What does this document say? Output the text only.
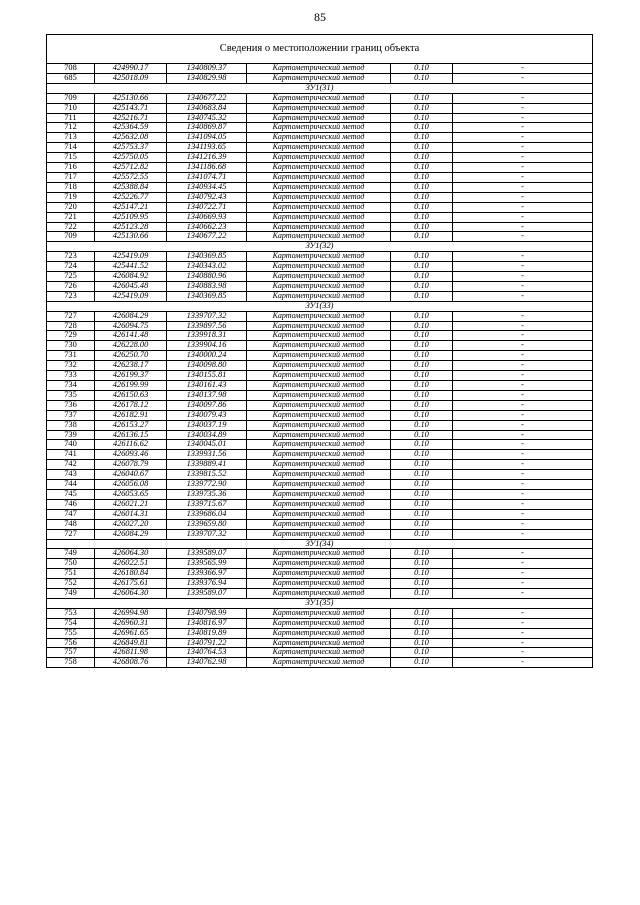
85
Сведения о местоположении границ объекта					
708	424990.17	1340809.37	Картометрический метод	0.10	-
685	425018.09	1340829.98	Картометрический метод	0.10	-
ЗУ1(31)					
709	425130.66	1340677.22	Картометрический метод	0.10	-
710	425143.71	1340683.84	Картометрический метод	0.10	-
711	425216.71	1340745.32	Картометрический метод	0.10	-
712	425364.59	1340869.87	Картометрический метод	0.10	-
713	425632.08	1341094.05	Картометрический метод	0.10	-
714	425753.37	1341193.65	Картометрический метод	0.10	-
715	425750.05	1341216.39	Картометрический метод	0.10	-
716	425712.82	1341186.68	Картометрический метод	0.10	-
717	425572.55	1341074.71	Картометрический метод	0.10	-
718	425388.84	1340934.45	Картометрический метод	0.10	-
719	425226.77	1340792.43	Картометрический метод	0.10	-
720	425147.21	1340722.71	Картометрический метод	0.10	-
721	425109.95	1340669.93	Картометрический метод	0.10	-
722	425123.28	1340662.23	Картометрический метод	0.10	-
709	425130.66	1340677.22	Картометрический метод	0.10	-
ЗУ1(32)					
723	425419.09	1340369.85	Картометрический метод	0.10	-
724	425441.52	1340343.02	Картометрический метод	0.10	-
725	426084.92	1340880.96	Картометрический метод	0.10	-
726	426045.48	1340883.98	Картометрический метод	0.10	-
723	425419.09	1340369.85	Картометрический метод	0.10	-
ЗУ1(33)					
727	426084.29	1339707.32	Картометрический метод	0.10	-
728	426094.75	1339897.56	Картометрический метод	0.10	-
729	426141.48	1339918.31	Картометрический метод	0.10	-
730	426228.00	1339904.16	Картометрический метод	0.10	-
731	426250.70	1340000.24	Картометрический метод	0.10	-
732	426238.17	1340098.80	Картометрический метод	0.10	-
733	426199.37	1340155.81	Картометрический метод	0.10	-
734	426199.99	1340161.43	Картометрический метод	0.10	-
735	426150.63	1340137.98	Картометрический метод	0.10	-
736	426178.12	1340097.86	Картометрический метод	0.10	-
737	426182.91	1340079.43	Картометрический метод	0.10	-
738	426153.27	1340037.19	Картометрический метод	0.10	-
739	426136.15	1340034.89	Картометрический метод	0.10	-
740	426116.62	1340045.01	Картометрический метод	0.10	-
741	426093.46	1339931.56	Картометрический метод	0.10	-
742	426078.79	1339889.41	Картометрический метод	0.10	-
743	426040.67	1339815.52	Картометрический метод	0.10	-
744	426056.08	1339772.90	Картометрический метод	0.10	-
745	426053.65	1339735.36	Картометрический метод	0.10	-
746	426021.21	1339715.67	Картометрический метод	0.10	-
747	426014.31	1339686.04	Картометрический метод	0.10	-
748	426027.20	1339659.80	Картометрический метод	0.10	-
727	426084.29	1339707.32	Картометрический метод	0.10	-
ЗУ1(34)					
749	426064.30	1339589.07	Картометрический метод	0.10	-
750	426022.51	1339565.99	Картометрический метод	0.10	-
751	426180.84	1339366.97	Картометрический метод	0.10	-
752	426175.61	1339376.94	Картометрический метод	0.10	-
749	426064.30	1339589.07	Картометрический метод	0.10	-
ЗУ1(35)					
753	426994.98	1340798.99	Картометрический метод	0.10	-
754	426960.31	1340816.97	Картометрический метод	0.10	-
755	426961.65	1340819.89	Картометрический метод	0.10	-
756	426849.81	1340791.22	Картометрический метод	0.10	-
757	426811.98	1340764.53	Картометрический метод	0.10	-
758	426808.76	1340762.98	Картометрический метод	0.10	-
